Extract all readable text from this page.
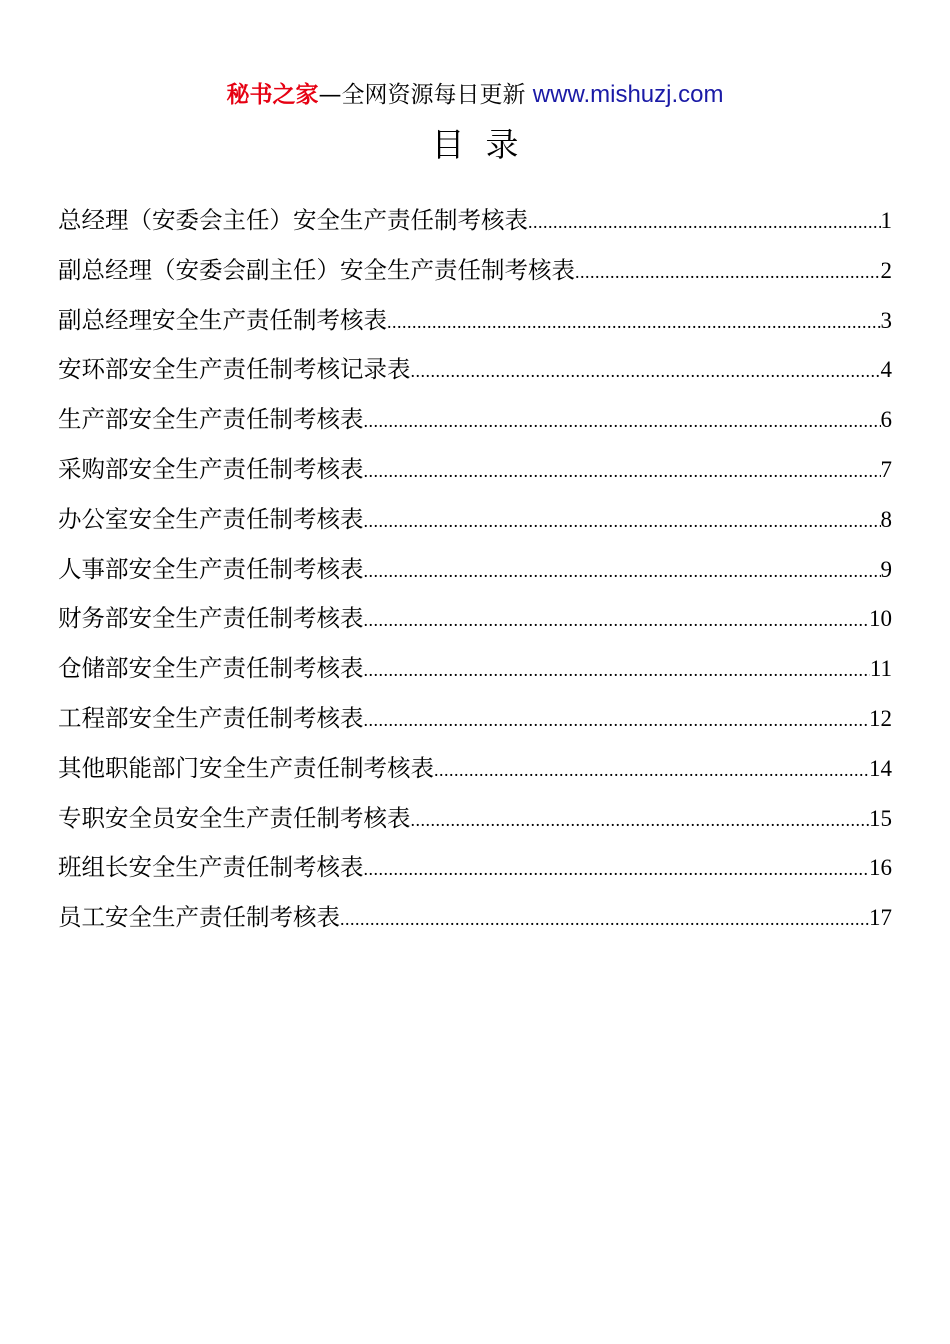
秘书之家—全网资源每日更新 www.mishuzj.com
目  录
总经理（安委会主任）安全生产责任制考核表 .....	1
副总经理（安委会副主任）安全生产责任制考核表 .....	2
副总经理安全生产责任制考核表 .....	3
安环部安全生产责任制考核记录表 .....	4
生产部安全生产责任制考核表 .....	6
采购部安全生产责任制考核表 .....	7
办公室安全生产责任制考核表 .....	8
人事部安全生产责任制考核表 .....	9
财务部安全生产责任制考核表 .....	10
仓储部安全生产责任制考核表 .....	11
工程部安全生产责任制考核表 .....	12
其他职能部门安全生产责任制考核表 .....	14
专职安全员安全生产责任制考核表 .....	15
班组长安全生产责任制考核表 .....	16
员工安全生产责任制考核表 .....	17
